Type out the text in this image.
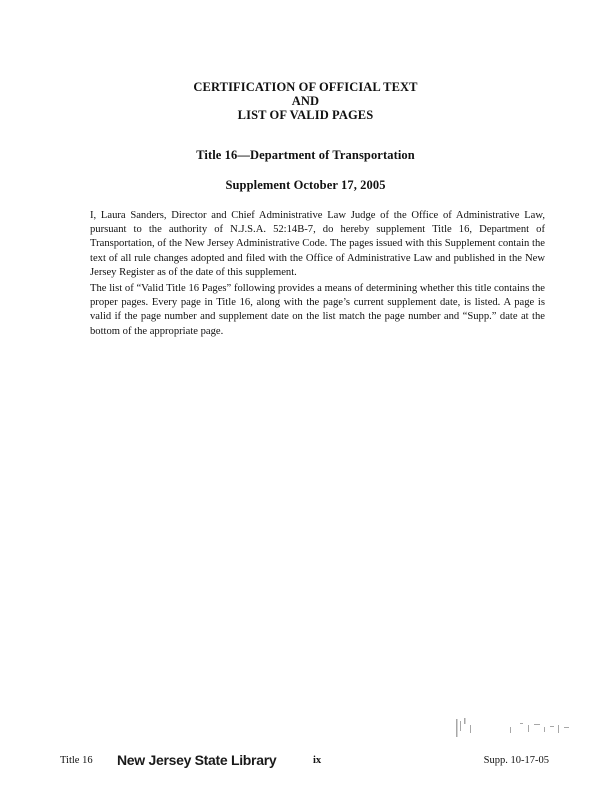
CERTIFICATION OF OFFICIAL TEXT
AND
LIST OF VALID PAGES
Title 16—Department of Transportation
Supplement October 17, 2005

I, Laura Sanders, Director and Chief Administrative Law Judge of the Office of Administrative Law, pursuant to the authority of N.J.S.A. 52:14B-7, do hereby supplement Title 16, Department of Transportation, of the New Jersey Administrative Code. The pages issued with this Supplement contain the text of all rule changes adopted and filed with the Office of Administrative Law and published in the New Jersey Register as of the date of this supplement.

The list of “Valid Title 16 Pages” following provides a means of determining whether this title contains the proper pages. Every page in Title 16, along with the page’s current supplement date, is listed. A page is valid if the page number and supplement date on the list match the page number and “Supp.” date at the bottom of the appropriate page.

Title 16 New Jersey State Library	ix	Supp. 10-17-05
